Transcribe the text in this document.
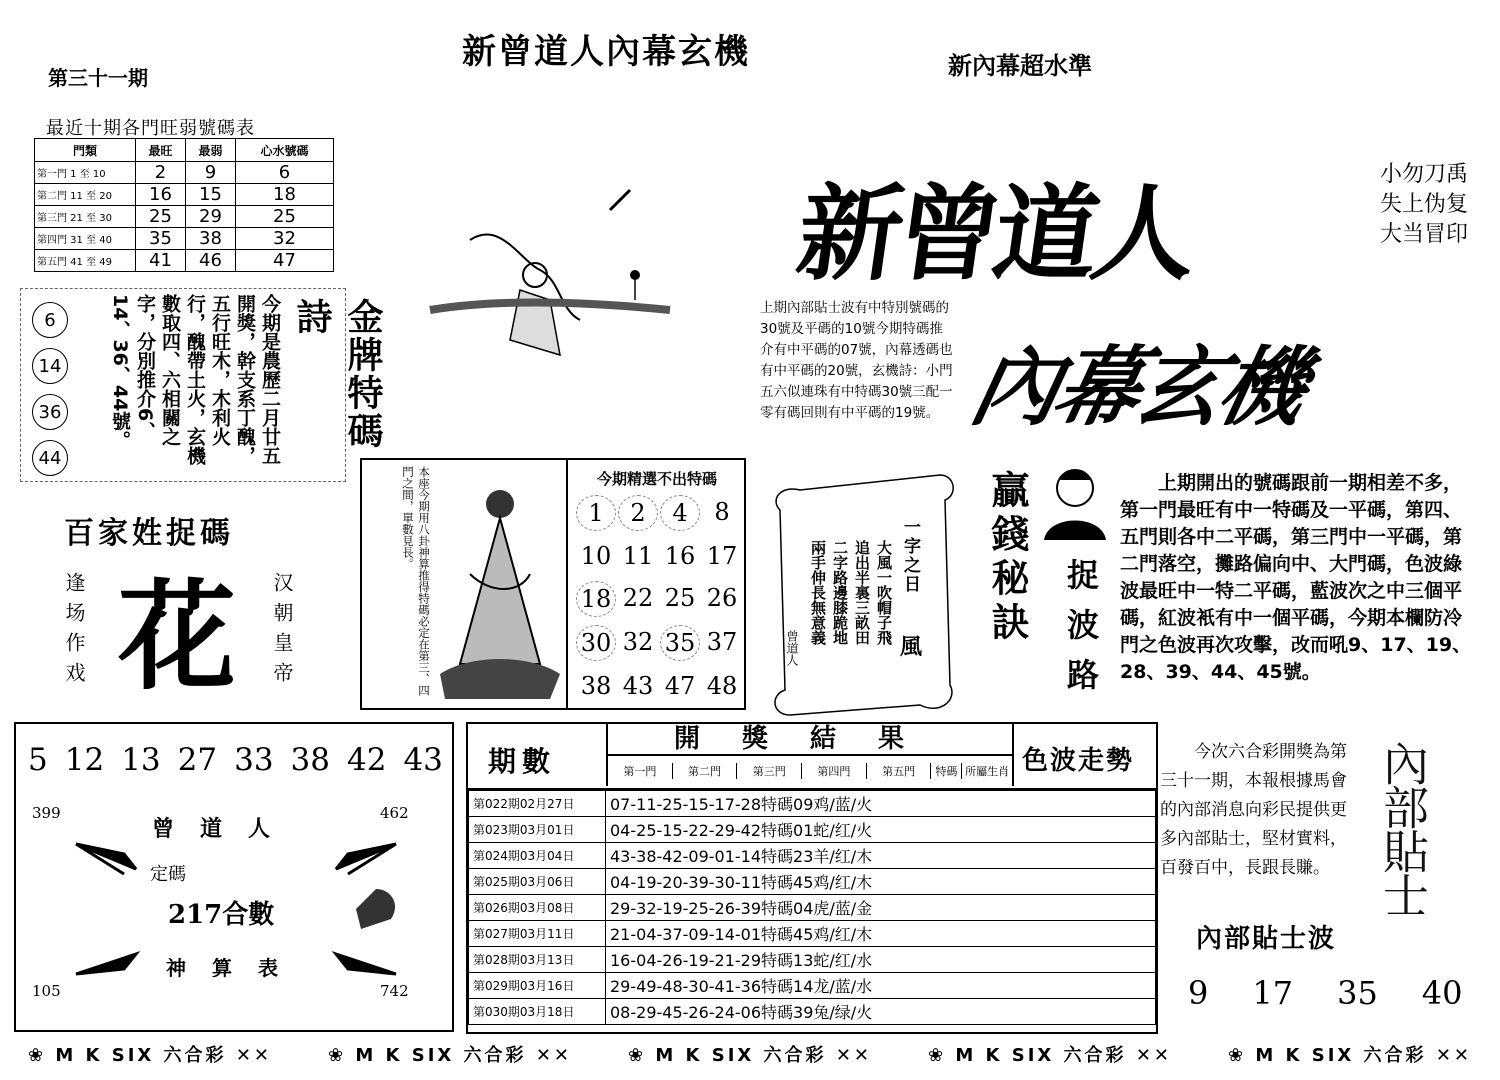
新曾道人內幕玄機	新內幕超水準
第三十一期
最近十期各門旺弱號碼表
門類	最旺	最弱	心水號碼
第一門 1 至 10	2	9	6
第二門 11 至 20	16	15	18
第三門 21 至 30	25	29	25
第四門 31 至 40	35	38	32
第五門 41 至 49	41	46	47	新曾道人	小勿刀禹
失上伪复
大当冒印
內幕玄機
上期內部貼士波有中特別號碼的30號及平碼的10號今期特碼推介有中平碼的07號，內幕透碼也有中平碼的20號，玄機詩：小門五六似連珠有中特碼30號三配一零有碼回則有中平碼的19號。
6
14
36
44	今期是農歷二月廿五開獎，幹支系丁醜，五行旺木，木利火行，醜帶土火，玄機數取四、六相關之字，分別推介6、14、36、44號。	金牌特碼詩
百家姓捉碼
逢场作戏 花 汉朝皇帝	本座今期用八卦神算推得特碼必定在第三、四門之間，單數見長。	今期精選不出特碼
1	2	4	8
10 11 16 17
18 22 25 26
30 32 35 37
38 43 47 48
一字之日
風
大風一吹帽子飛
追出半裏三畝田
二字路邊膝跪地
兩手伸長無意義
曾道人
贏錢秘訣 捉波路
上期開出的號碼跟前一期相差不多，第一門最旺有中一特碼及一平碼，第四、五門則各中二平碼，第三門中一平碼，第二門落空，攤路偏向中、大門碼，色波綠波最旺中一特二平碼，藍波次之中三個平碼，紅波衹有中一個平碼，今期本欄防冷門之色波再次攻擊，改而吼9、17、19、28、39、44、45號。
5 12 13 27 33 38 42 43
399	462
105	742
曾道人
定碼
217合數
神算表
期數
開獎結果
第一門	第二門	第三門	第四門	第五門	特碼 所屬生肖 色波走勢
第022期02月27日	07-11-25-15-17-28特碼09鸡/蓝/火
第023期03月01日	04-25-15-22-29-42特碼01蛇/红/火
第024期03月04日	43-38-42-09-01-14特碼23羊/红/木
第025期03月06日	04-19-20-39-30-11特碼45鸡/红/木
第026期03月08日	29-32-19-25-26-39特碼04虎/蓝/金
第027期03月11日	21-04-37-09-14-01特碼45鸡/红/木
第028期03月13日	16-04-26-19-21-29特碼13蛇/红/水
第029期03月16日	29-49-48-30-41-36特碼14龙/蓝/水
第030期03月18日	08-29-45-26-24-06特碼39兔/绿/火
今次六合彩開獎為第三十一期，本報根據馬會的內部消息向彩民提供更多內部貼士，堅材實料，百發百中，長跟長賺。	內部貼士
內部貼士波
9 17 35 40
❀ M K SIX 六合彩 ✕✕	❀ M K SIX 六合彩 ✕✕	❀ M K SIX 六合彩 ✕✕	❀ M K SIX 六合彩 ✕✕	❀ M K SIX 六合彩 ✕✕
